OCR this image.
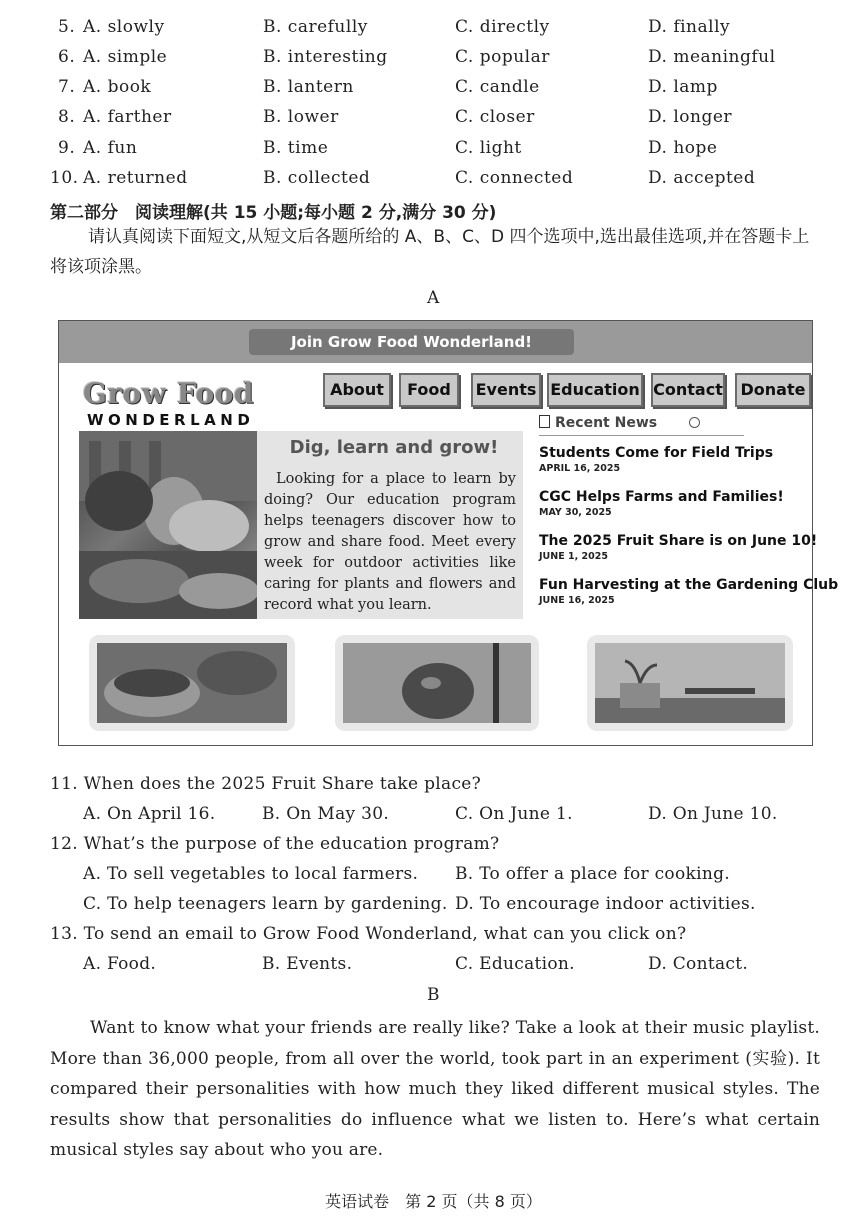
5. A. slowly	B. carefully	C. directly	D. finally
6. A. simple	B. interesting	C. popular	D. meaningful
7. A. book	B. lantern	C. candle	D. lamp
8. A. farther	B. lower	C. closer	D. longer
9. A. fun	B. time	C. light	D. hope
10. A. returned	B. collected	C. connected	D. accepted
第二部分　阅读理解(共 15 小题;每小题 2 分,满分 30 分)
请认真阅读下面短文,从短文后各题所给的 A、B、C、D 四个选项中,选出最佳选项,并在答题卡上将该项涂黑。
A
Join Grow Food Wonderland!
Grow Food
WONDERLAND
About	Food	Events Education Contact	Donate
Dig, learn and grow!
Looking for a place to learn by doing? Our education program helps teenagers discover how to grow and share food. Meet every week for outdoor activities like caring for plants and flowers and record what you learn.
Recent News
Students Come for Field Trips
APRIL 16, 2025
CGC Helps Farms and Families!
MAY 30, 2025
The 2025 Fruit Share is on June 10!
JUNE 1, 2025
Fun Harvesting at the Gardening Club
JUNE 16, 2025
11. When does the 2025 Fruit Share take place?
A. On April 16.	B. On May 30.	C. On June 1.	D. On June 10.
12. What’s the purpose of the education program?
A. To sell vegetables to local farmers. B. To offer a place for cooking.
C. To help teenagers learn by gardening. D. To encourage indoor activities.
13. To send an email to Grow Food Wonderland, what can you click on?
A. Food.	B. Events.	C. Education.	D. Contact.
B
Want to know what your friends are really like? Take a look at their music playlist. More than 36,000 people, from all over the world, took part in an experiment (实验). It compared their personalities with how much they liked different musical styles. The results show that personalities do influence what we listen to. Here’s what certain musical styles say about who you are.
英语试卷　第 2 页（共 8 页）
